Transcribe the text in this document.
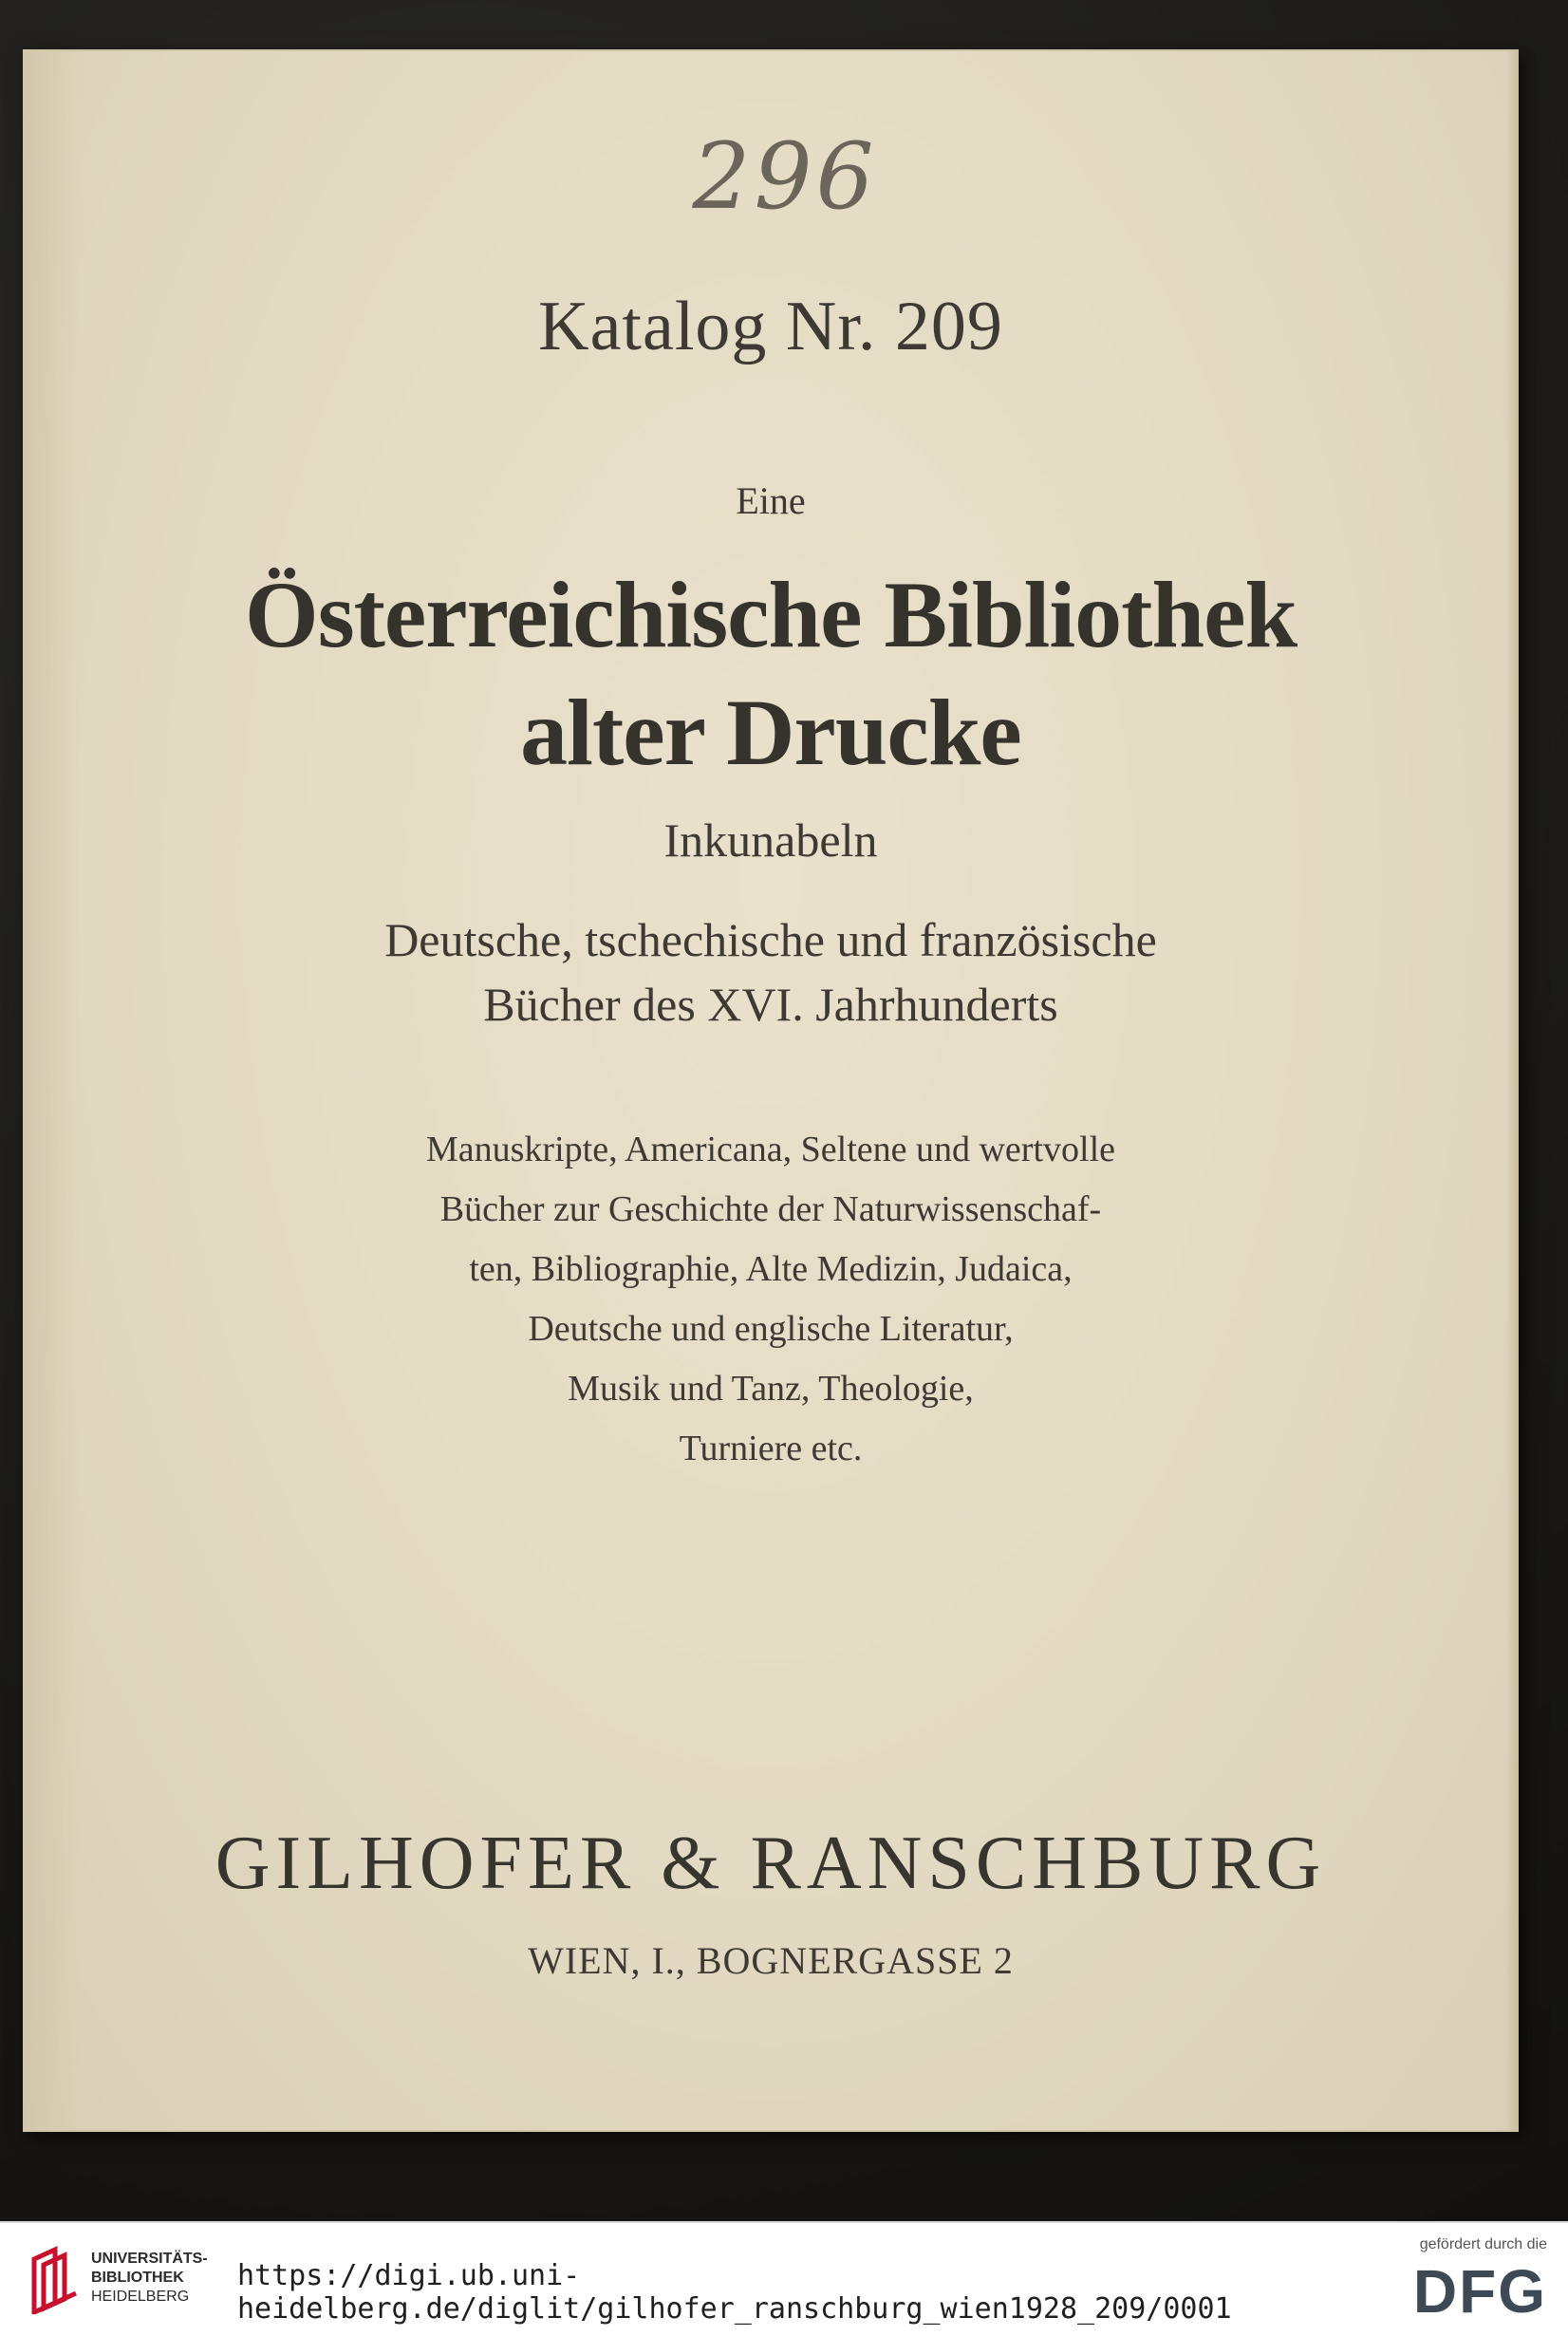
296
Katalog Nr. 209
Eine
Österreichische Bibliothek
alter Drucke
Inkunabeln
Deutsche, tschechische und französische
Bücher des XVI. Jahrhunderts
Manuskripte, Americana, Seltene und wertvolle
Bücher zur Geschichte der Naturwissenschaf-
ten, Bibliographie, Alte Medizin, Judaica,
Deutsche und englische Literatur,
Musik und Tanz, Theologie,
Turniere etc.
GILHOFER & RANSCHBURG
WIEN, I., BOGNERGASSE 2
UNIVERSITÄTS-
BIBLIOTHEK
HEIDELBERG
https://digi.ub.uni-heidelberg.de/diglit/gilhofer_ranschburg_wien1928_209/0001
gefördert durch die
DFG
